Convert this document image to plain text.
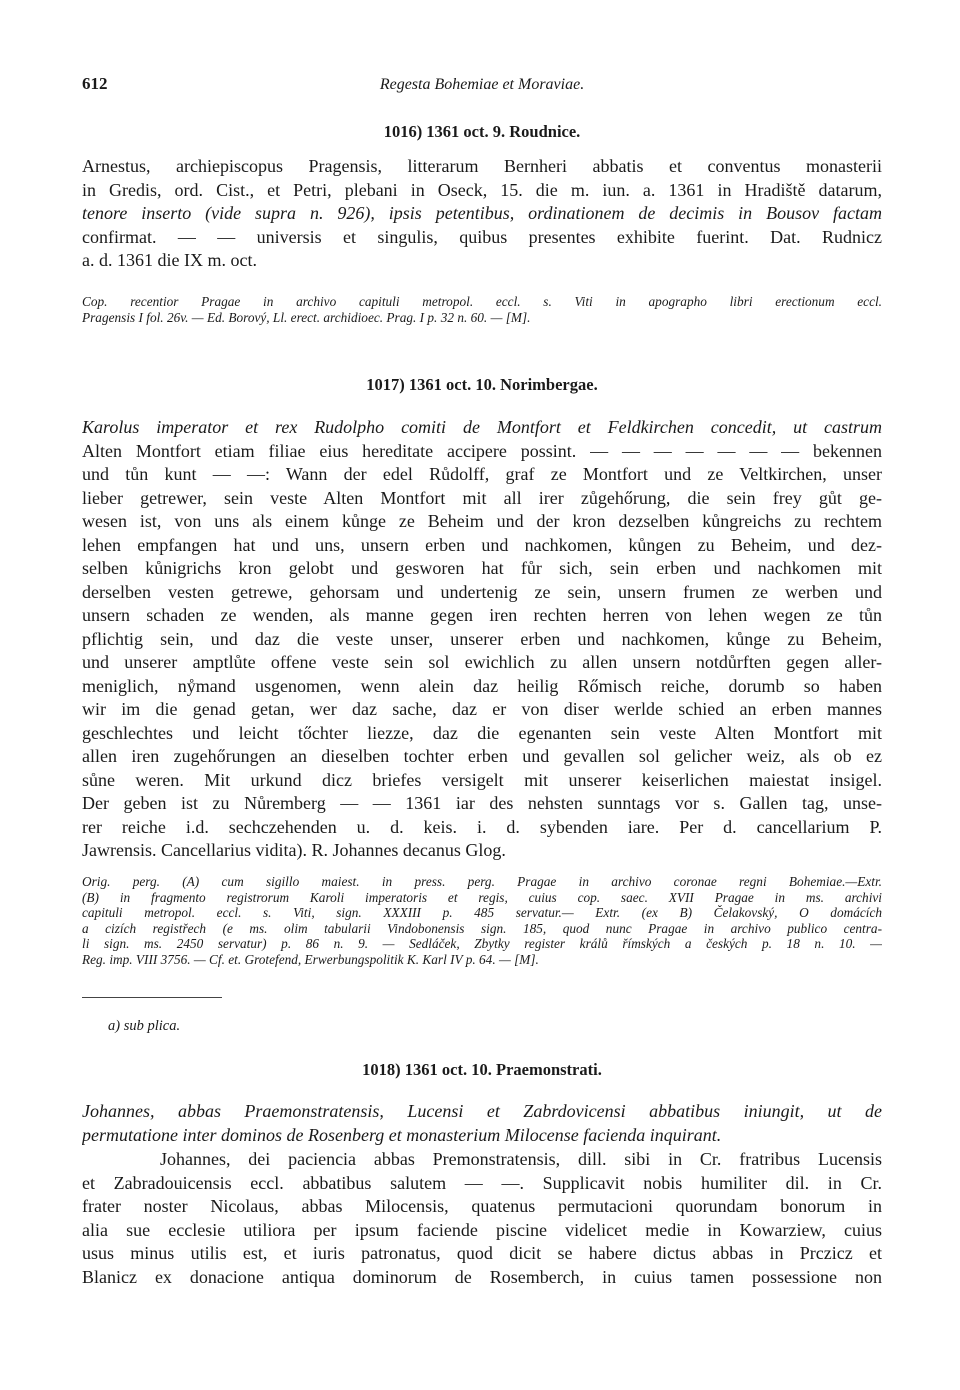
612	Regesta Bohemiae et Moraviae.
1016) 1361 oct. 9. Roudnice.
Arnestus, archiepiscopus Pragensis, litterarum Bernheri abbatis et conventus monasterii
in Gredis, ord. Cist., et Petri, plebani in Oseck, 15. die m. iun. a. 1361 in Hradiště datarum,
tenore inserto (vide supra n. 926), ipsis petentibus, ordinationem de decimis in Bousov factam
confirmat. — — universis et singulis, quibus presentes exhibite fuerint. Dat. Rudnicz
a. d. 1361 die IX m. oct.
Cop. recentior Pragae in archivo capituli metropol. eccl. s. Viti in apographo libri erectionum eccl.
Pragensis I fol. 26v. — Ed. Borový, Ll. erect. archidioec. Prag. I p. 32 n. 60. — [M].
1017) 1361 oct. 10. Norimbergae.
Karolus imperator et rex Rudolpho comiti de Montfort et Feldkirchen concedit, ut castrum
Alten Montfort etiam filiae eius hereditate accipere possint. — — — — — — — bekennen
und tůn kunt — —: Wann der edel Růdolff, graf ze Montfort und ze Veltkirchen, unser
lieber getrewer, sein veste Alten Montfort mit all irer zůgehőrung, die sein frey gůt ge-
wesen ist, von uns als einem kůnge ze Beheim und der kron dezselben kůngreichs zu rechtem
lehen empfangen hat und uns, unsern erben und nachkomen, kůngen zu Beheim, und dez-
selben kůnigrichs kron gelobt und gesworen hat fůr sich, sein erben und nachkomen mit
derselben vesten getrewe, gehorsam und undertenig ze sein, unsern frumen ze werben und
unsern schaden ze wenden, als manne gegen iren rechten herren von lehen wegen ze tůn
pflichtig sein, und daz die veste unser, unserer erben und nachkomen, kůnge zu Beheim,
und unserer amptlůte offene veste sein sol ewichlich zu allen unsern notdůrften gegen aller-
meniglich, nẙmand usgenomen, wenn alein daz heilig Rőmisch reiche, dorumb so haben
wir im die genad getan, wer daz sache, daz er von diser werlde schied an erben mannes
geschlechtes und leicht tőchter liezze, daz die egenanten sein veste Alten Montfort mit
allen iren zugehőrungen an dieselben tochter erben und gevallen sol gelicher weiz, als ob ez
sůne weren. Mit urkund dicz briefes versigelt mit unserer keiserlichen maiestat insigel.
Der geben ist zu Nůremberg — — 1361 iar des nehsten sunntags vor s. Gallen tag, unse-
rer reiche i.d. sechczehenden u. d. keis. i. d. sybenden iare. Per d. cancellarium P.
Jawrensis. Cancellarius vidita). R. Johannes decanus Glog.
Orig. perg. (A) cum sigillo maiest. in press. perg. Pragae in archivo coronae regni Bohemiae.—Extr.
(B) in fragmento registrorum Karoli imperatoris et regis, cuius cop. saec. XVII Pragae in ms. archivi
capituli metropol. eccl. s. Viti, sign. XXXIII p. 485 servatur.— Extr. (ex B) Čelakovský, O domácích
a cizích registřech (e ms. olim tabularii Vindobonensis sign. 185, quod nunc Pragae in archivo publico centra-
li sign. ms. 2450 servatur) p. 86 n. 9. — Sedláček, Zbytky register králů římských a českých p. 18 n. 10. —
Reg. imp. VIII 3756. — Cf. et. Grotefend, Erwerbungspolitik K. Karl IV p. 64. — [M].
a) sub plica.
1018) 1361 oct. 10. Praemonstrati.
Johannes, abbas Praemonstratensis, Lucensi et Zabrdovicensi abbatibus iniungit, ut de
permutatione inter dominos de Rosenberg et monasterium Milocense facienda inquirant.
Johannes, dei paciencia abbas Premonstratensis, dill. sibi in Cr. fratribus Lucensis
et Zabradouicensis eccl. abbatibus salutem — —. Supplicavit nobis humiliter dil. in Cr.
frater noster Nicolaus, abbas Milocensis, quatenus permutacioni quorundam bonorum in
alia sue ecclesie utiliora per ipsum faciende piscine videlicet medie in Kowarziew, cuius
usus minus utilis est, et iuris patronatus, quod dicit se habere dictus abbas in Prczicz et
Blanicz ex donacione antiqua dominorum de Rosemberch, in cuius tamen possessione non
